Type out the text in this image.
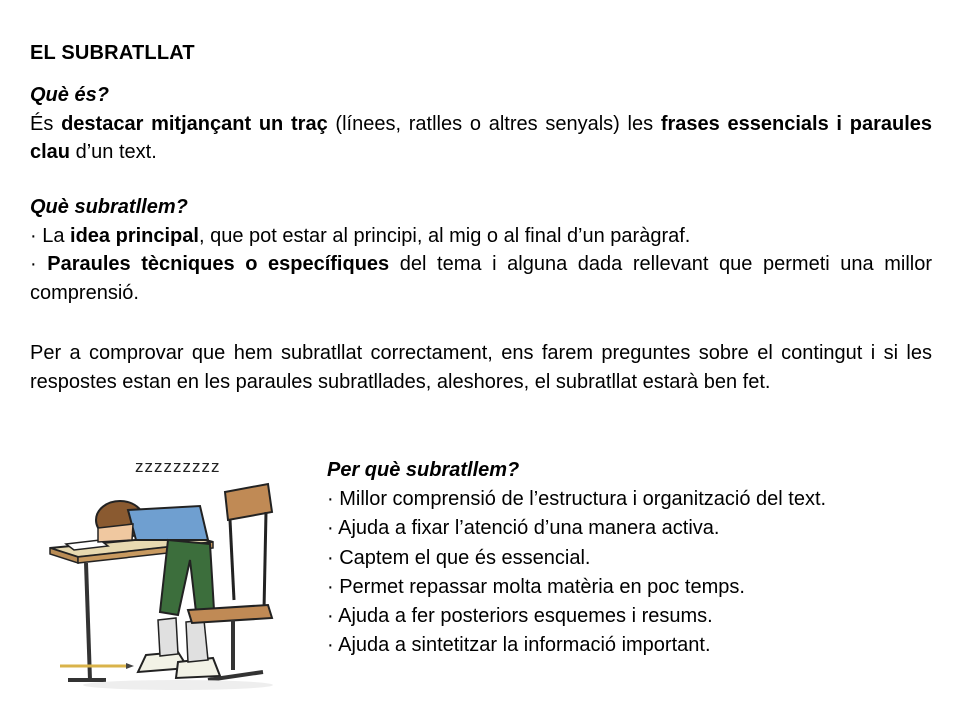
EL SUBRATLLAT

Què és?

És destacar mitjançant un traç (línees, ratlles o altres senyals) les frases essencials i paraules clau d’un text.

Què subratllem?

· La idea principal, que pot estar al principi, al mig o al final d’un paràgraf.

· Paraules tècniques o específiques del tema i alguna dada rellevant que permeti una millor comprensió.

Per a comprovar que hem subratllat correctament, ens farem preguntes sobre el contingut i si les respostes estan en les paraules subratllades, aleshores, el subratllat estarà ben fet.

zzzzzzzzz	Per què subratllem?

· Millor comprensió de l’estructura i organització del text.

· Ajuda a fixar l’atenció d’una manera activa.

· Captem el que és essencial.

· Permet repassar molta matèria en poc temps.

· Ajuda a fer posteriors esquemes i resums.

· Ajuda a sintetitzar la informació important.
